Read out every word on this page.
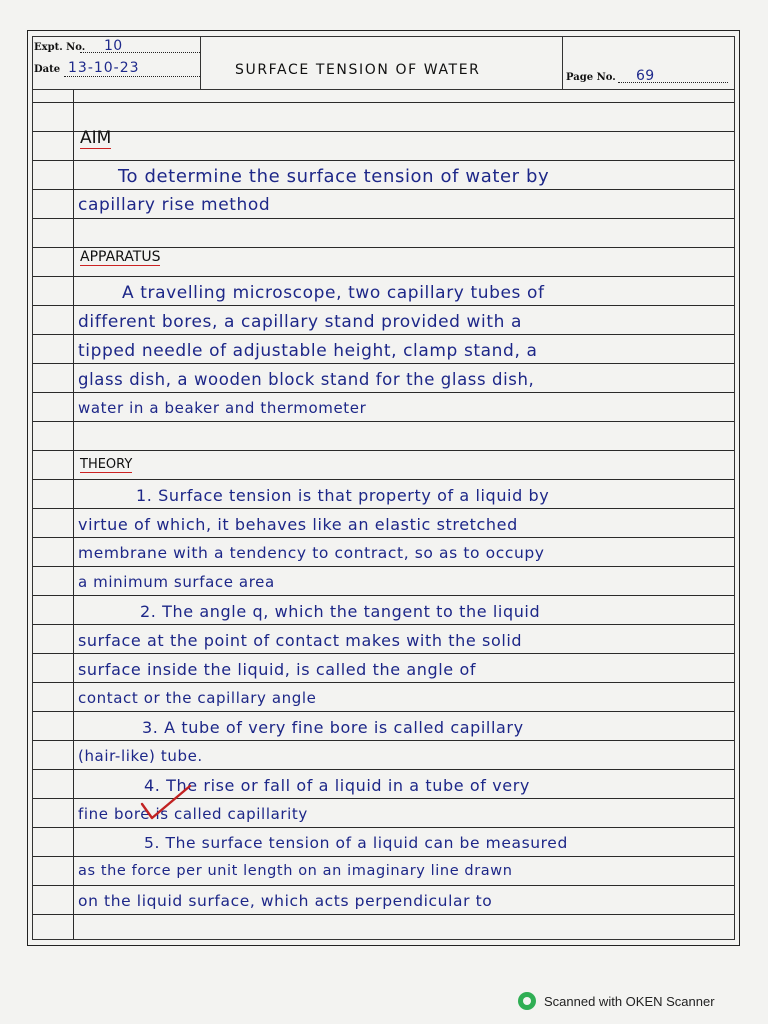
Expt. No. 10
Date 13-10-23	SURFACE TENSION OF WATER	Page No. 69
AIM
To determine the surface tension of water by
capillary rise method
APPARATUS
A travelling microscope, two capillary tubes of
different bores, a capillary stand provided with a
tipped needle of adjustable height, clamp stand, a
glass dish, a wooden block stand for the glass dish,
water in a beaker and thermometer
THEORY
1. Surface tension is that property of a liquid by
virtue of which, it behaves like an elastic stretched
membrane with a tendency to contract, so as to occupy
a minimum surface area
2. The angle q, which the tangent to the liquid
surface at the point of contact makes with the solid
surface inside the liquid, is called the angle of
contact or the capillary angle
3. A tube of very fine bore is called capillary
(hair-like) tube.
4. The rise or fall of a liquid in a tube of very
fine bore is called capillarity
5. The surface tension of a liquid can be measured
as the force per unit length on an imaginary line drawn
on the liquid surface, which acts perpendicular to
Scanned with OKEN Scanner
